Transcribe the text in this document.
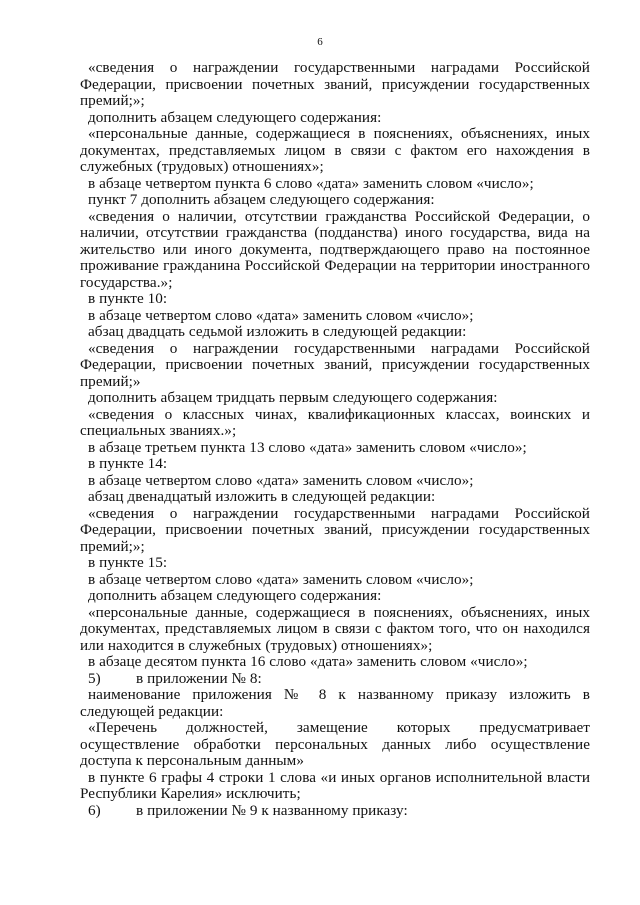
6

«сведения о награждении государственными наградами Российской Федерации, присвоении почетных званий, присуждении государственных премий;»;

дополнить абзацем следующего содержания:

«персональные данные, содержащиеся в пояснениях, объяснениях, иных документах, представляемых лицом в связи с фактом его нахождения в служебных (трудовых) отношениях»;

в абзаце четвертом пункта 6 слово «дата» заменить словом «число»;

пункт 7 дополнить абзацем следующего содержания:

«сведения о наличии, отсутствии гражданства Российской Федерации, о наличии, отсутствии гражданства (подданства) иного государства, вида на жительство или иного документа, подтверждающего право на постоянное проживание гражданина Российской Федерации на территории иностранного государства.»;

в пункте 10:

в абзаце четвертом слово «дата» заменить словом «число»;

абзац двадцать седьмой изложить в следующей редакции:

«сведения о награждении государственными наградами Российской Федерации, присвоении почетных званий, присуждении государственных премий;»

дополнить абзацем тридцать первым следующего содержания:

«сведения о классных чинах, квалификационных классах, воинских и специальных званиях.»;

в абзаце третьем пункта 13 слово «дата» заменить словом «число»;

в пункте 14:

в абзаце четвертом слово «дата» заменить словом «число»;

абзац двенадцатый изложить в следующей редакции:

«сведения о награждении государственными наградами Российской Федерации, присвоении почетных званий, присуждении государственных премий;»;

в пункте 15:

в абзаце четвертом слово «дата» заменить словом «число»;

дополнить абзацем следующего содержания:

«персональные данные, содержащиеся в пояснениях, объяснениях, иных документах, представляемых лицом в связи с фактом того, что он находился или находится в служебных (трудовых) отношениях»;

в абзаце десятом пункта 16 слово «дата» заменить словом «число»;

5) в приложении № 8:

наименование приложения № 8 к названному приказу изложить в следующей редакции:

«Перечень должностей, замещение которых предусматривает осуществление обработки персональных данных либо осуществление доступа к персональным данным»

в пункте 6 графы 4 строки 1 слова «и иных органов исполнительной власти Республики Карелия» исключить;

6) в приложении № 9 к названному приказу:
